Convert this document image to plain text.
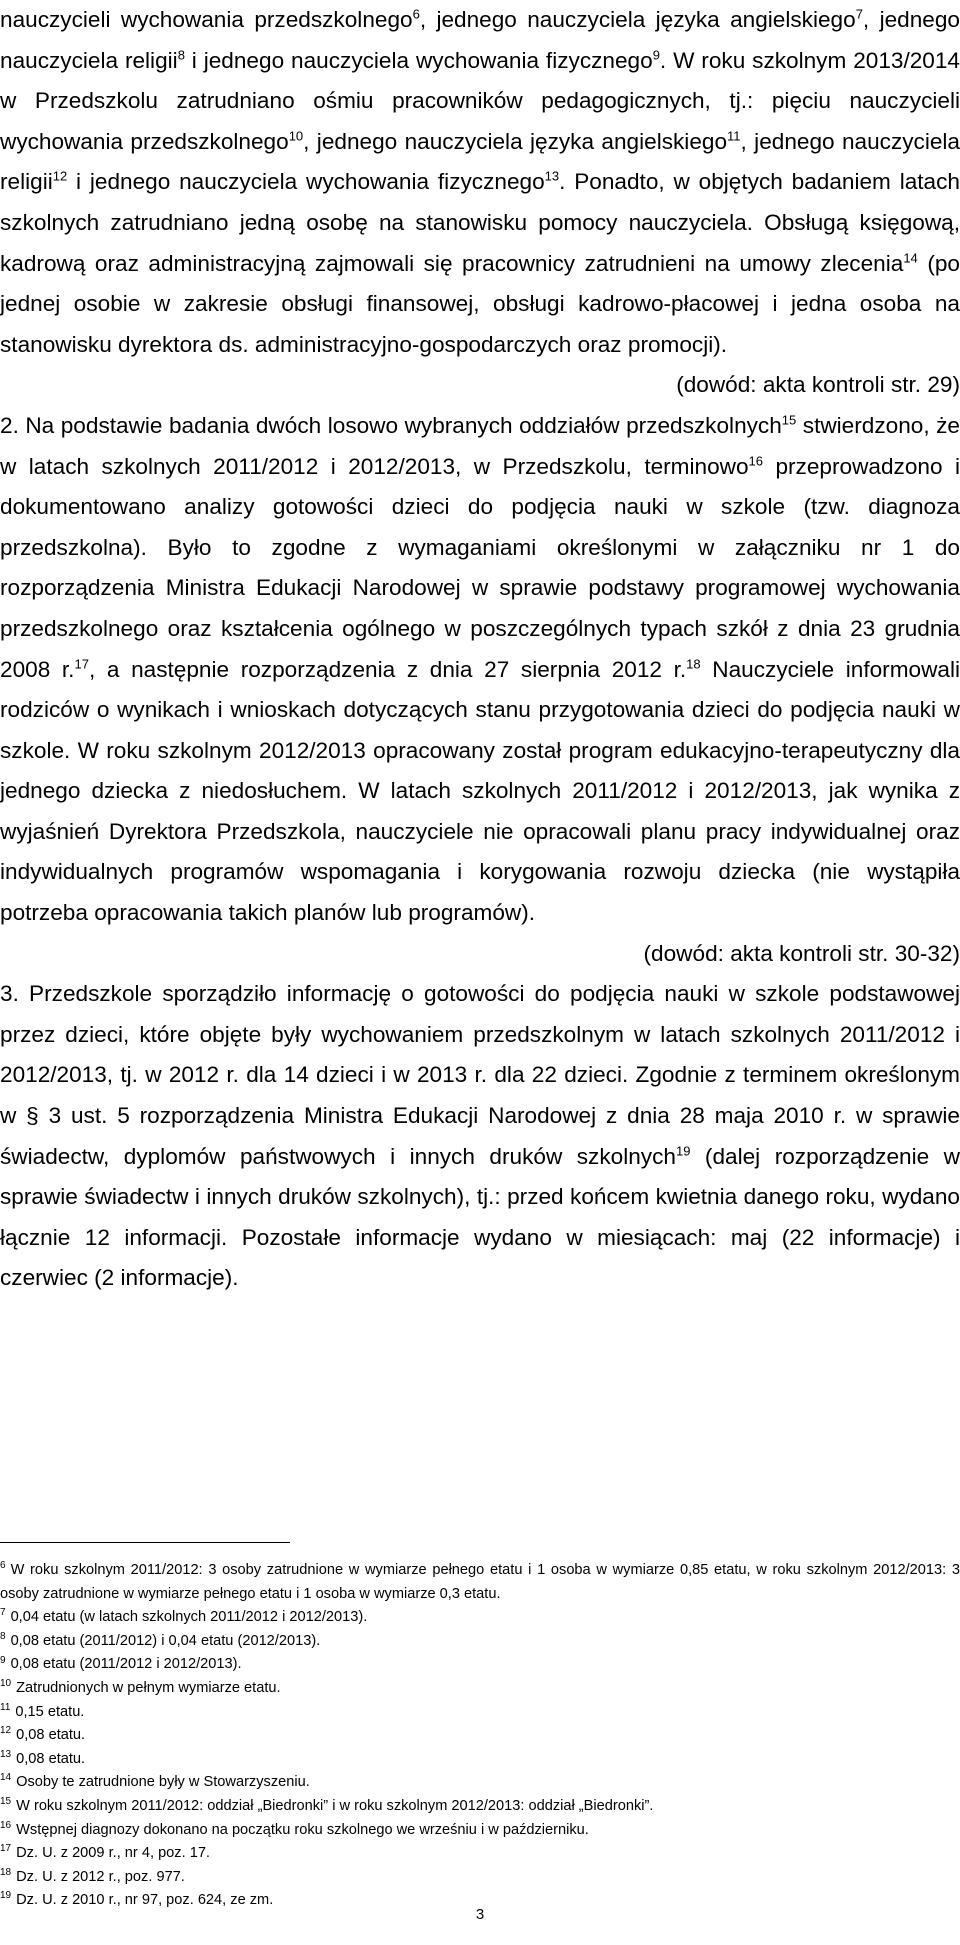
nauczycieli wychowania przedszkolnego$^6$, jednego nauczyciela języka angielskiego$^7$, jednego nauczyciela religii$^8$ i jednego nauczyciela wychowania fizycznego$^9$. W roku szkolnym 2013/2014 w Przedszkolu zatrudniano ośmiu pracowników pedagogicznych, tj.: pięciu nauczycieli wychowania przedszkolnego$^{10}$, jednego nauczyciela języka angielskiego$^{11}$, jednego nauczyciela religii$^{12}$ i jednego nauczyciela wychowania fizycznego$^{13}$. Ponadto, w objętych badaniem latach szkolnych zatrudniano jedną osobę na stanowisku pomocy nauczyciela. Obsługą księgową, kadrową oraz administracyjną zajmowali się pracownicy zatrudnieni na umowy zlecenia$^{14}$ (po jednej osobie w zakresie obsługi finansowej, obsługi kadrowo-płacowej i jedna osoba na stanowisku dyrektora ds. administracyjno-gospodarczych oraz promocji).

(dowód: akta kontroli str. 29)

2. Na podstawie badania dwóch losowo wybranych oddziałów przedszkolnych$^{15}$ stwierdzono, że w latach szkolnych 2011/2012 i 2012/2013, w Przedszkolu, terminowo$^{16}$ przeprowadzono i dokumentowano analizy gotowości dzieci do podjęcia nauki w szkole (tzw. diagnoza przedszkolna). Było to zgodne z wymaganiami określonymi w załączniku nr 1 do rozporządzenia Ministra Edukacji Narodowej w sprawie podstawy programowej wychowania przedszkolnego oraz kształcenia ogólnego w poszczególnych typach szkół z dnia 23 grudnia 2008 r.$^{17}$, a następnie rozporządzenia z dnia 27 sierpnia 2012 r.$^{18}$ Nauczyciele informowali rodziców o wynikach i wnioskach dotyczących stanu przygotowania dzieci do podjęcia nauki w szkole. W roku szkolnym 2012/2013 opracowany został program edukacyjno-terapeutyczny dla jednego dziecka z niedosłuchem. W latach szkolnych 2011/2012 i 2012/2013, jak wynika z wyjaśnień Dyrektora Przedszkola, nauczyciele nie opracowali planu pracy indywidualnej oraz indywidualnych programów wspomagania i korygowania rozwoju dziecka (nie wystąpiła potrzeba opracowania takich planów lub programów).

(dowód: akta kontroli str. 30-32)

3. Przedszkole sporządziło informację o gotowości do podjęcia nauki w szkole podstawowej przez dzieci, które objęte były wychowaniem przedszkolnym w latach szkolnych 2011/2012 i 2012/2013, tj. w 2012 r. dla 14 dzieci i w 2013 r. dla 22 dzieci. Zgodnie z terminem określonym w § 3 ust. 5 rozporządzenia Ministra Edukacji Narodowej z dnia 28 maja 2010 r. w sprawie świadectw, dyplomów państwowych i innych druków szkolnych$^{19}$ (dalej rozporządzenie w sprawie świadectw i innych druków szkolnych), tj.: przed końcem kwietnia danego roku, wydano łącznie 12 informacji. Pozostałe informacje wydano w miesiącach: maj (22 informacje) i czerwiec (2 informacje).

$^6$ W roku szkolnym 2011/2012: 3 osoby zatrudnione w wymiarze pełnego etatu i 1 osoba w wymiarze 0,85 etatu, w roku szkolnym 2012/2013: 3 osoby zatrudnione w wymiarze pełnego etatu i 1 osoba w wymiarze 0,3 etatu.

$^7$ 0,04 etatu (w latach szkolnych 2011/2012 i 2012/2013).

$^8$ 0,08 etatu (2011/2012) i 0,04 etatu (2012/2013).

$^9$ 0,08 etatu (2011/2012 i 2012/2013).

$^{10}$ Zatrudnionych w pełnym wymiarze etatu.

$^{11}$ 0,15 etatu.

$^{12}$ 0,08 etatu.

$^{13}$ 0,08 etatu.

$^{14}$ Osoby te zatrudnione były w Stowarzyszeniu.

$^{15}$ W roku szkolnym 2011/2012: oddział „Biedronki” i w roku szkolnym 2012/2013: oddział „Biedronki”.

$^{16}$ Wstępnej diagnozy dokonano na początku roku szkolnego we wrześniu i w październiku.

$^{17}$ Dz. U. z 2009 r., nr 4, poz. 17.

$^{18}$ Dz. U. z 2012 r., poz. 977.

$^{19}$ Dz. U. z 2010 r., nr 97, poz. 624, ze zm.

3
